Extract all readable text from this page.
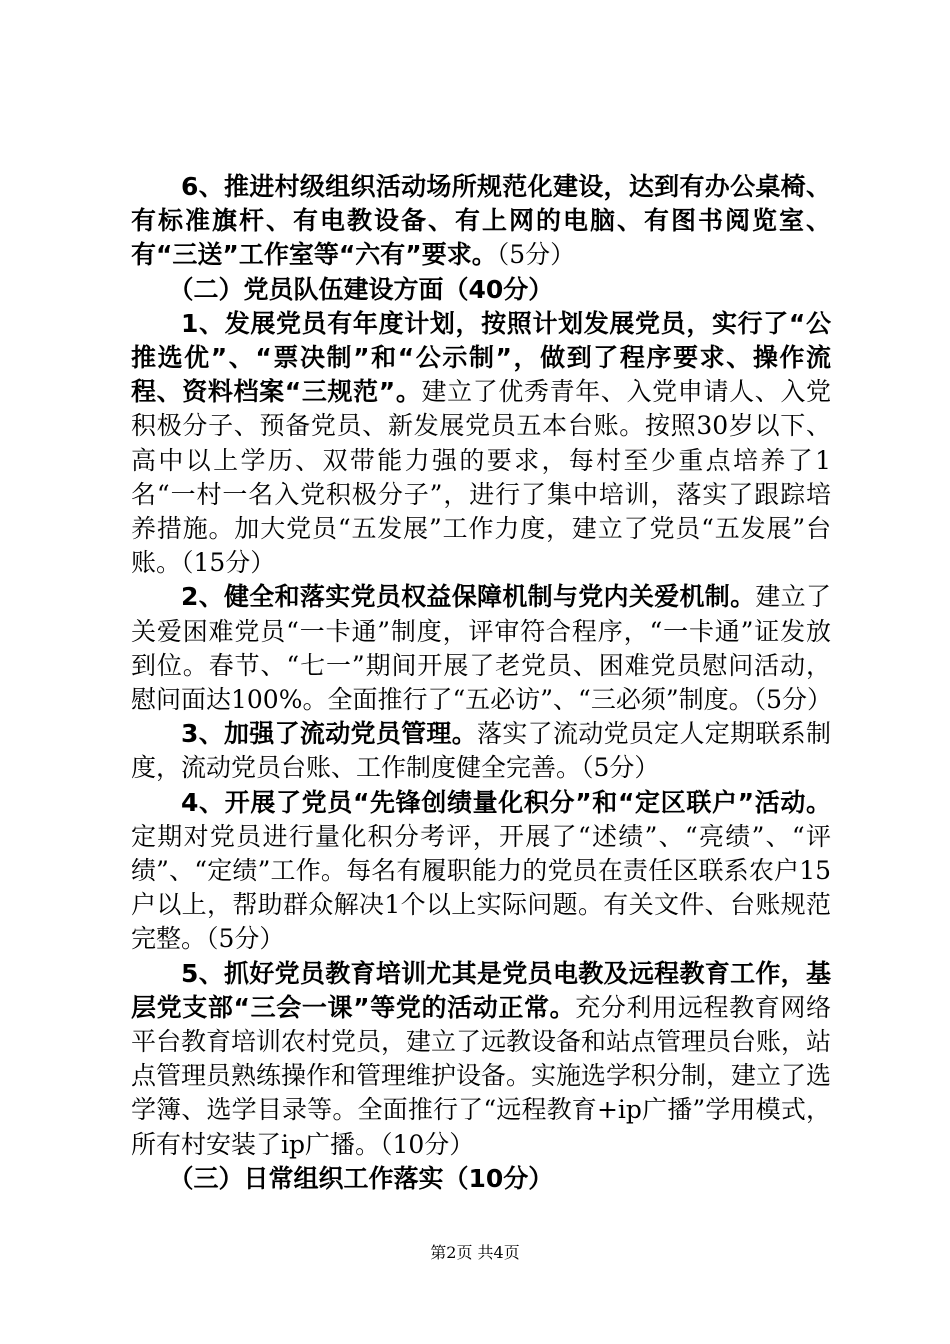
6、推进村级组织活动场所规范化建设，达到有办公桌椅、有标准旗杆、有电教设备、有上网的电脑、有图书阅览室、有“三送”工作室等“六有”要求。（5分）

（二）党员队伍建设方面（40分）

1、发展党员有年度计划，按照计划发展党员，实行了“公推选优”、“票决制”和“公示制”，做到了程序要求、操作流程、资料档案“三规范”。建立了优秀青年、入党申请人、入党积极分子、预备党员、新发展党员五本台账。按照30岁以下、高中以上学历、双带能力强的要求，每村至少重点培养了1名“一村一名入党积极分子”，进行了集中培训，落实了跟踪培养措施。加大党员“五发展”工作力度，建立了党员“五发展”台账。（15分）

2、健全和落实党员权益保障机制与党内关爱机制。建立了关爱困难党员“一卡通”制度，评审符合程序，“一卡通”证发放到位。春节、“七一”期间开展了老党员、困难党员慰问活动，慰问面达100%。全面推行了“五必访”、“三必须”制度。（5分）

3、加强了流动党员管理。落实了流动党员定人定期联系制度，流动党员台账、工作制度健全完善。（5分）

4、开展了党员“先锋创绩量化积分”和“定区联户”活动。定期对党员进行量化积分考评，开展了“述绩”、“亮绩”、“评绩”、“定绩”工作。每名有履职能力的党员在责任区联系农户15户以上，帮助群众解决1个以上实际问题。有关文件、台账规范完整。（5分）

5、抓好党员教育培训尤其是党员电教及远程教育工作，基层党支部“三会一课”等党的活动正常。充分利用远程教育网络平台教育培训农村党员，建立了远教设备和站点管理员台账，站点管理员熟练操作和管理维护设备。实施选学积分制，建立了选学簿、选学目录等。全面推行了“远程教育+ip广播”学用模式，所有村安装了ip广播。（10分）

（三）日常组织工作落实（10分）

第2页 共4页
